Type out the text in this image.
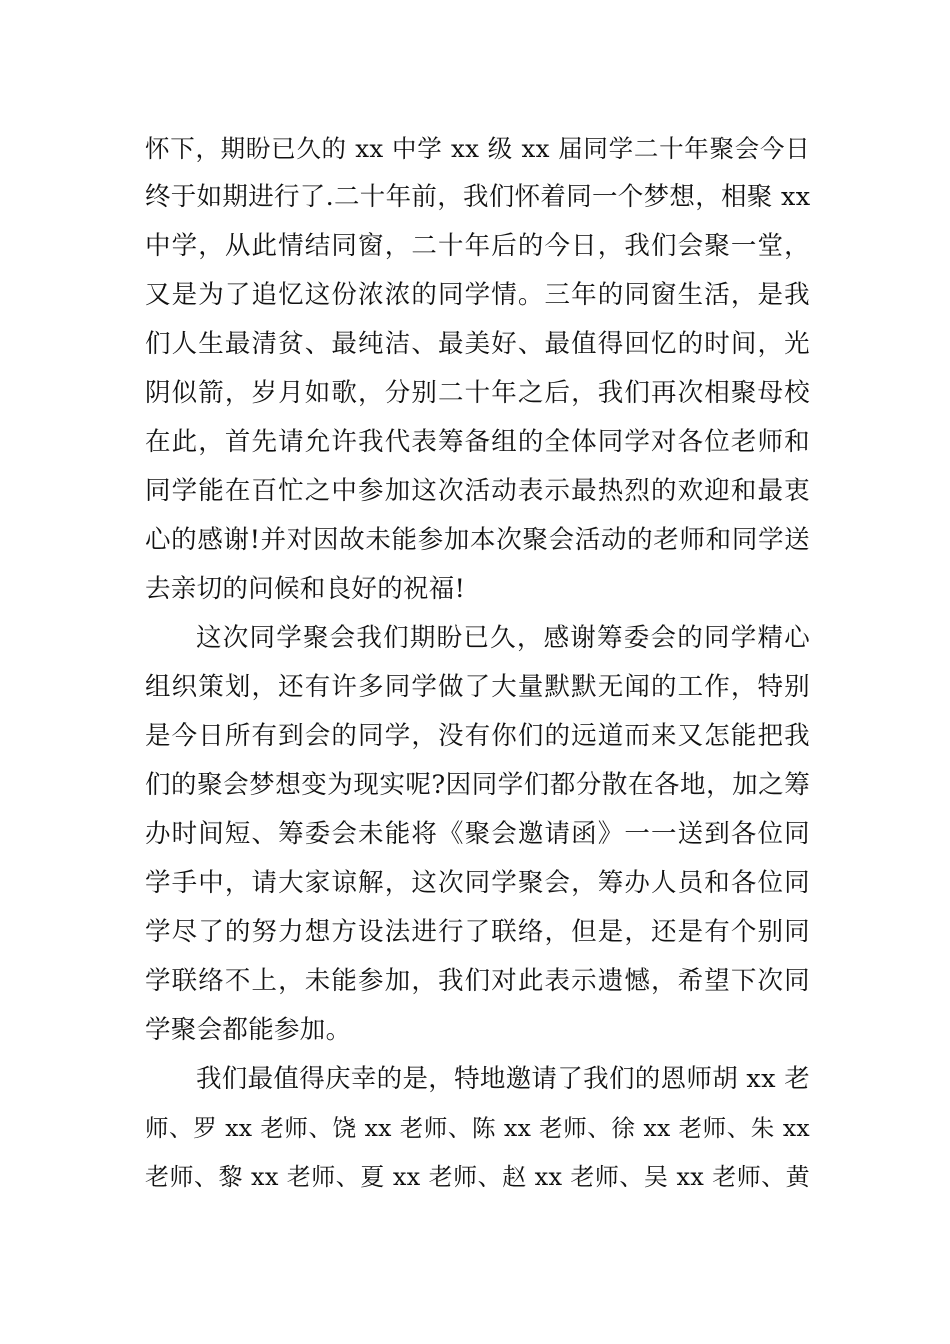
怀下，期盼已久的 xx 中学 xx 级 xx 届同学二十年聚会今日
终于如期进行了.二十年前，我们怀着同一个梦想，相聚 xx
中学，从此情结同窗，二十年后的今日，我们会聚一堂，
又是为了追忆这份浓浓的同学情。三年的同窗生活，是我
们人生最清贫、最纯洁、最美好、最值得回忆的时间，光
阴似箭，岁月如歌，分别二十年之后，我们再次相聚母校
在此，首先请允许我代表筹备组的全体同学对各位老师和
同学能在百忙之中参加这次活动表示最热烈的欢迎和最衷
心的感谢!并对因故未能参加本次聚会活动的老师和同学送
去亲切的问候和良好的祝福!
这次同学聚会我们期盼已久，感谢筹委会的同学精心
组织策划，还有许多同学做了大量默默无闻的工作，特别
是今日所有到会的同学，没有你们的远道而来又怎能把我
们的聚会梦想变为现实呢?因同学们都分散在各地，加之筹
办时间短、筹委会未能将《聚会邀请函》一一送到各位同
学手中，请大家谅解，这次同学聚会，筹办人员和各位同
学尽了的努力想方设法进行了联络，但是，还是有个别同
学联络不上，未能参加，我们对此表示遗憾，希望下次同
学聚会都能参加。
我们最值得庆幸的是，特地邀请了我们的恩师胡 xx 老
师、罗 xx 老师、饶 xx 老师、陈 xx 老师、徐 xx 老师、朱 xx
老师、黎 xx 老师、夏 xx 老师、赵 xx 老师、吴 xx 老师、黄
